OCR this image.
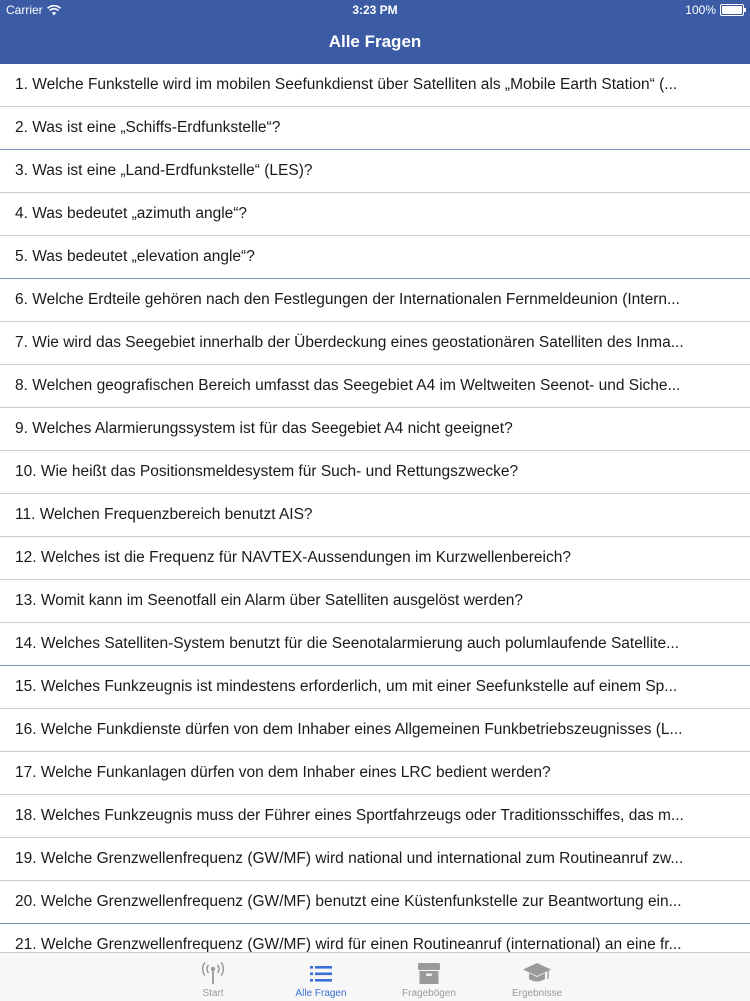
Carrier	3:23 PM	100%
Alle Fragen
1. Welche Funkstelle wird im mobilen Seefunkdienst über Satelliten als „Mobile Earth Station“ (...
2. Was ist eine „Schiffs-Erdfunkstelle“?
3. Was ist eine „Land-Erdfunkstelle“ (LES)?
4. Was bedeutet „azimuth angle“?
5. Was bedeutet „elevation angle“?
6. Welche Erdteile gehören nach den Festlegungen der Internationalen Fernmeldeunion (Intern...
7. Wie wird das Seegebiet innerhalb der Überdeckung eines geostationären Satelliten des Inma...
8. Welchen geografischen Bereich umfasst das Seegebiet A4 im Weltweiten Seenot- und Siche...
9. Welches Alarmierungssystem ist für das Seegebiet A4 nicht geeignet?
10. Wie heißt das Positionsmeldesystem für Such- und Rettungszwecke?
11. Welchen Frequenzbereich benutzt AIS?
12. Welches ist die Frequenz für NAVTEX-Aussendungen im Kurzwellenbereich?
13. Womit kann im Seenotfall ein Alarm über Satelliten ausgelöst werden?
14. Welches Satelliten-System benutzt für die Seenotalarmierung auch polumlaufende Satellite...
15. Welches Funkzeugnis ist mindestens erforderlich, um mit einer Seefunkstelle auf einem Sp...
16. Welche Funkdienste dürfen von dem Inhaber eines Allgemeinen Funkbetriebszeugnisses (L...
17. Welche Funkanlagen dürfen von dem Inhaber eines LRC bedient werden?
18. Welches Funkzeugnis muss der Führer eines Sportfahrzeugs oder Traditionsschiffes, das m...
19. Welche Grenzwellenfrequenz (GW/MF) wird national und international zum Routineanruf zw...
20. Welche Grenzwellenfrequenz (GW/MF) benutzt eine Küstenfunkstelle zur Beantwortung ein...
21. Welche Grenzwellenfrequenz (GW/MF) wird für einen Routineanruf (international) an eine fr...
Start	Alle Fragen	Fragebögen	Ergebnisse
